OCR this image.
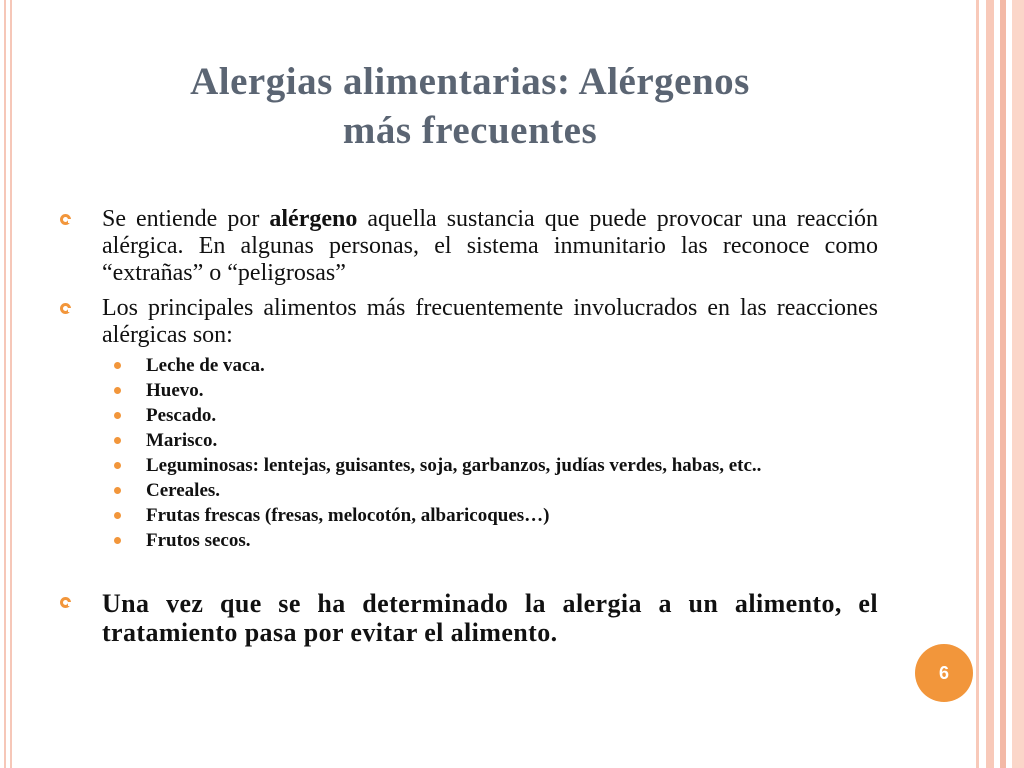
Alergias alimentarias: Alérgenos
más frecuentes
Se entiende por alérgeno aquella sustancia que puede provocar una reacción alérgica. En algunas personas, el sistema inmunitario las reconoce como “extrañas” o “peligrosas”
Los principales alimentos más frecuentemente involucrados en las reacciones alérgicas son:
Leche de vaca.
Huevo.
Pescado.
Marisco.
Leguminosas: lentejas, guisantes, soja, garbanzos, judías verdes, habas, etc..
Cereales.
Frutas frescas (fresas, melocotón, albaricoques…)
Frutos secos.
Una vez que se ha determinado la alergia a un alimento, el tratamiento pasa por evitar el alimento.
6
